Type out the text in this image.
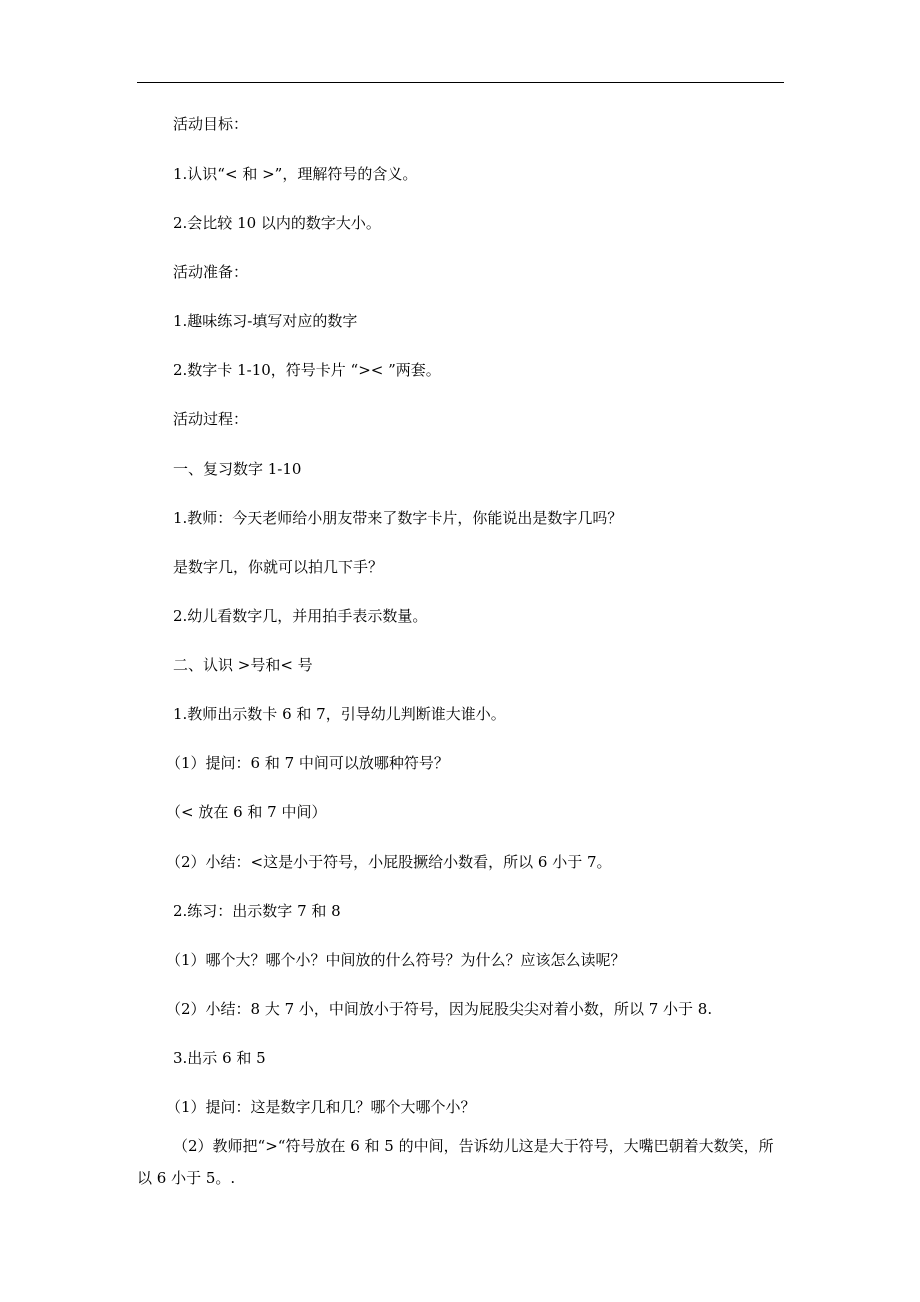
活动目标：
1.认识“< 和 >”，理解符号的含义。
2.会比较 10 以内的数字大小。
活动准备：
1.趣味练习-填写对应的数字
2.数字卡 1-10，符号卡片 “>< ”两套。
活动过程：
一、复习数字 1-10
1.教师：今天老师给小朋友带来了数字卡片，你能说出是数字几吗？
是数字几，你就可以拍几下手？
2.幼儿看数字几，并用拍手表示数量。
二、认识 >号和< 号
1.教师出示数卡 6 和 7，引导幼儿判断谁大谁小。
（1）提问：6 和 7 中间可以放哪种符号？
（< 放在 6 和 7 中间）
（2）小结：<这是小于符号，小屁股撅给小数看，所以 6 小于 7。
2.练习：出示数字 7 和 8
（1）哪个大？哪个小？中间放的什么符号？为什么？应该怎么读呢？
（2）小结：8 大 7 小，中间放小于符号，因为屁股尖尖对着小数，所以 7 小于 8.
3.出示 6 和 5
（1）提问：这是数字几和几？哪个大哪个小？
（2）教师把“>“符号放在 6 和 5 的中间，告诉幼儿这是大于符号，大嘴巴朝着大数笑，所以 6 小于 5。.
